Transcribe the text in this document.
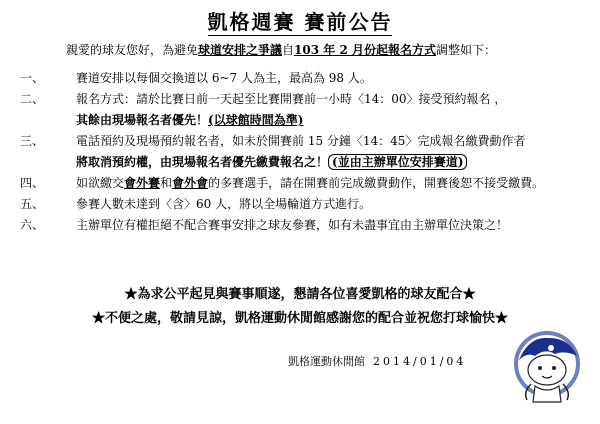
凱格週賽 賽前公告
親愛的球友您好，為避免球道安排之爭議自103 年 2 月份起報名方式調整如下：
一、	賽道安排以每個交換道以 6~7 人為主，最高為 98 人。
二、	報名方式：請於比賽日前一天起至比賽開賽前一小時〈14：00〉接受預約報名 ，
其餘由現場報名者優先！(以球館時間為準)
三、	電話預約及現場預約報名者，如未於開賽前 15 分鐘〈14：45〉完成報名繳費動作者
將取消預約權，由現場報名者優先繳費報名之！ (並由主辦單位安排賽道)
四、	如欲繳交會外賽和會外會的多賽選手，請在開賽前完成繳費動作，開賽後恕不接受繳費。
五、	參賽人數未達到〈含〉60 人，將以全場輪道方式進行。
六、	主辦單位有權拒絕不配合賽事安排之球友參賽，如有未盡事宜由主辦單位決策之！
★為求公平起見與賽事順遂，懇請各位喜愛凱格的球友配合★
★不便之處，敬請見諒，凱格運動休閒館感謝您的配合並祝您打球愉快★
凱格運動休閒館 2014/01/04
